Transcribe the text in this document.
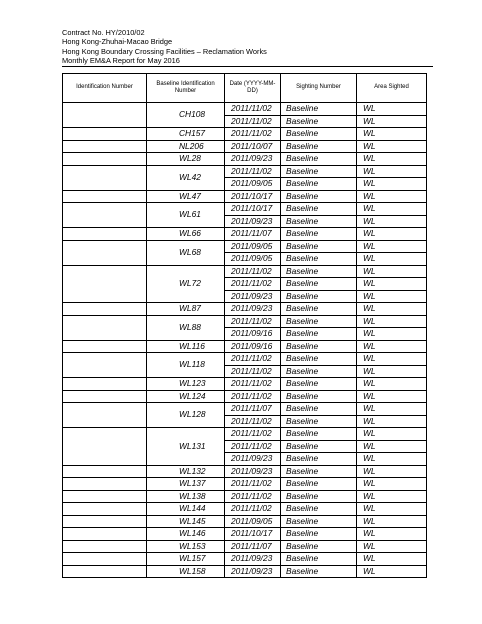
Contract No. HY/2010/02
Hong Kong-Zhuhai-Macao Bridge
Hong Kong Boundary Crossing Facilities – Reclamation Works
Monthly EM&A Report for May 2016
Identification Number	Baseline Identification Number	Date (YYYY-MM-DD)	Sighting Number	Area Sighted
	CH108	2011/11/02	Baseline	WL
		2011/11/02	Baseline	WL
	CH157	2011/11/02	Baseline	WL
	NL206	2011/10/07	Baseline	WL
	WL28	2011/09/23	Baseline	WL
	WL42	2011/11/02	Baseline	WL
		2011/09/05	Baseline	WL
	WL47	2011/10/17	Baseline	WL
	WL61	2011/10/17	Baseline	WL
		2011/09/23	Baseline	WL
	WL66	2011/11/07	Baseline	WL
	WL68	2011/09/05	Baseline	WL
		2011/09/05	Baseline	WL
	WL72	2011/11/02	Baseline	WL
		2011/11/02	Baseline	WL
		2011/09/23	Baseline	WL
	WL87	2011/09/23	Baseline	WL
	WL88	2011/11/02	Baseline	WL
		2011/09/16	Baseline	WL
	WL116	2011/09/16	Baseline	WL
	WL118	2011/11/02	Baseline	WL
		2011/11/02	Baseline	WL
	WL123	2011/11/02	Baseline	WL
	WL124	2011/11/02	Baseline	WL
	WL128	2011/11/07	Baseline	WL
		2011/11/02	Baseline	WL
	WL131	2011/11/02	Baseline	WL
		2011/11/02	Baseline	WL
		2011/09/23	Baseline	WL
	WL132	2011/09/23	Baseline	WL
	WL137	2011/11/02	Baseline	WL
	WL138	2011/11/02	Baseline	WL
	WL144	2011/11/02	Baseline	WL
	WL145	2011/09/05	Baseline	WL
	WL146	2011/10/17	Baseline	WL
	WL153	2011/11/07	Baseline	WL
	WL157	2011/09/23	Baseline	WL
	WL158	2011/09/23	Baseline	WL
